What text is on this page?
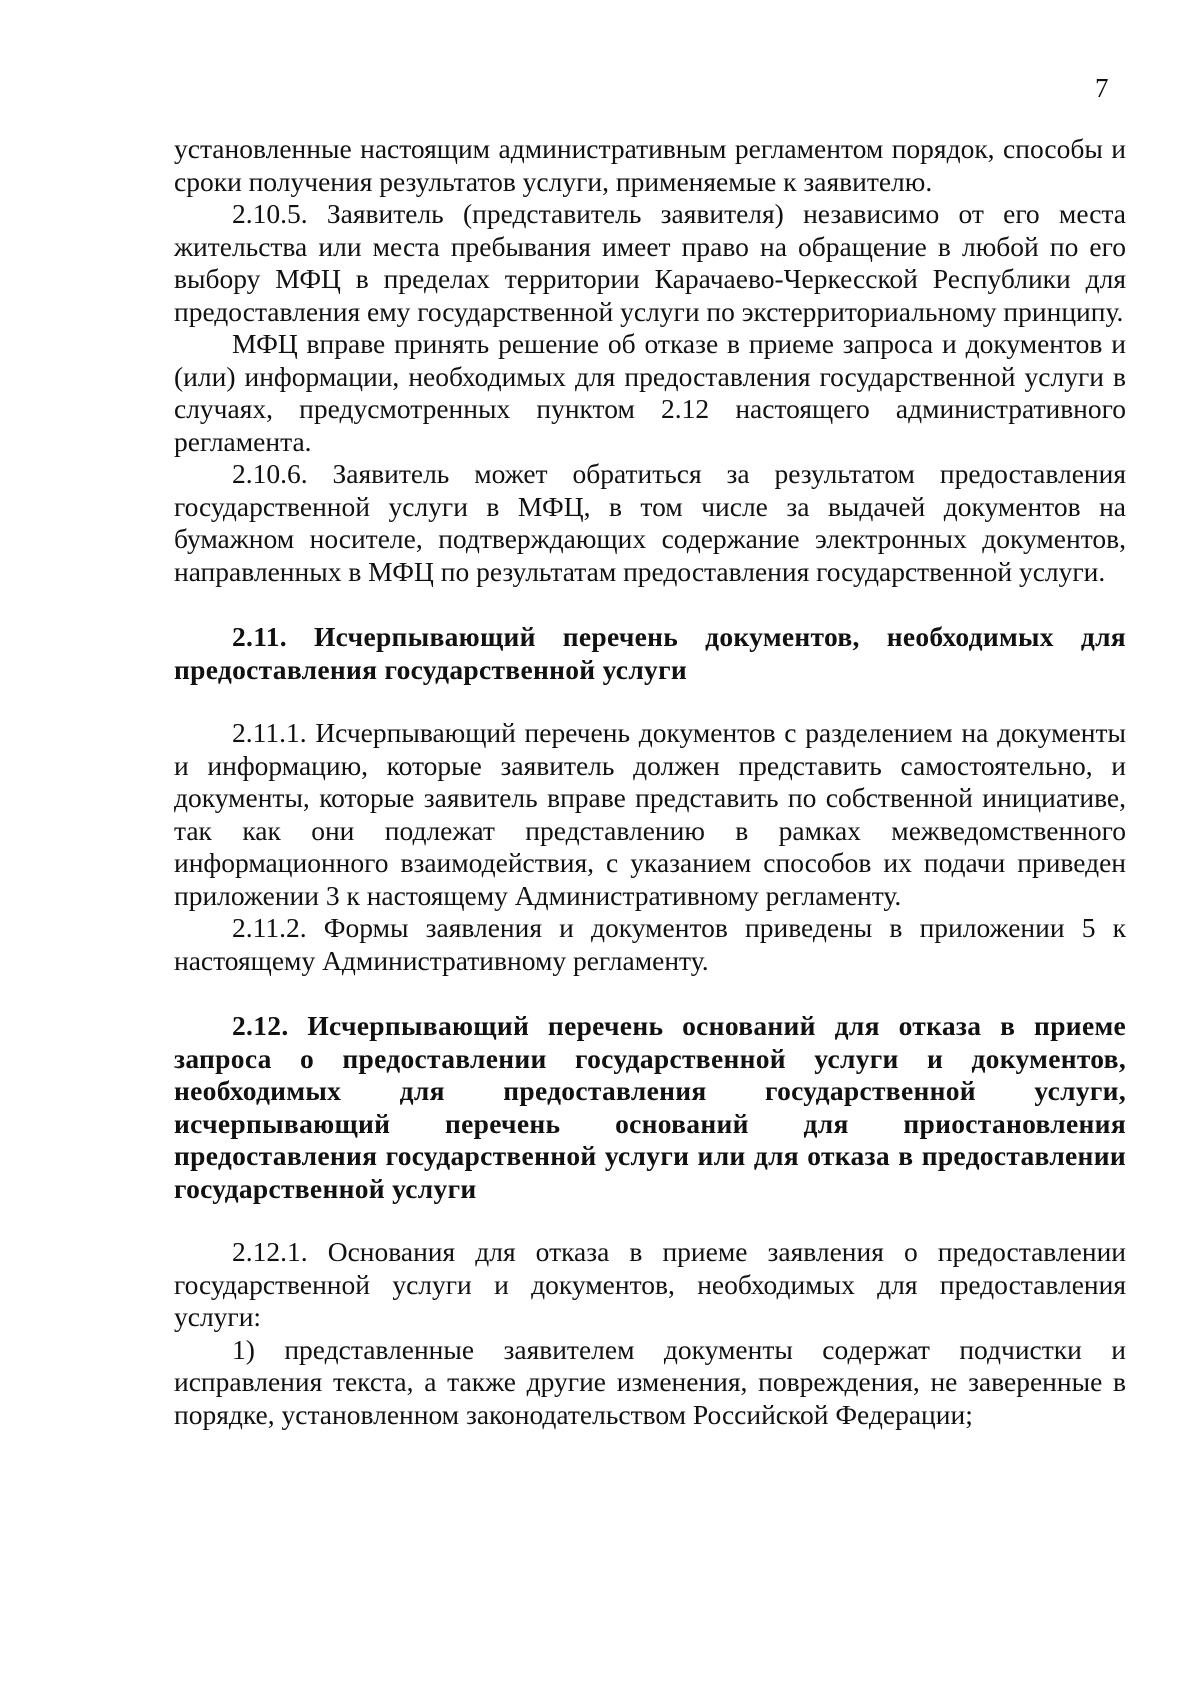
7

установленные настоящим административным регламентом порядок, способы и сроки получения результатов услуги, применяемые к заявителю.

2.10.5. Заявитель (представитель заявителя) независимо от его места жительства или места пребывания имеет право на обращение в любой по его выбору МФЦ в пределах территории Карачаево-Черкесской Республики для предоставления ему государственной услуги по экстерриториальному принципу.

МФЦ вправе принять решение об отказе в приеме запроса и документов и (или) информации, необходимых для предоставления государственной услуги в случаях, предусмотренных пунктом 2.12 настоящего административного регламента.

2.10.6. Заявитель может обратиться за результатом предоставления государственной услуги в МФЦ, в том числе за выдачей документов на бумажном носителе, подтверждающих содержание электронных документов, направленных в МФЦ по результатам предоставления государственной услуги.

2.11. Исчерпывающий перечень документов, необходимых для предоставления государственной услуги

2.11.1. Исчерпывающий перечень документов с разделением на документы и информацию, которые заявитель должен представить самостоятельно, и документы, которые заявитель вправе представить по собственной инициативе, так как они подлежат представлению в рамках межведомственного информационного взаимодействия, с указанием способов их подачи приведен приложении 3 к настоящему Административному регламенту.

2.11.2. Формы заявления и документов приведены в приложении 5 к настоящему Административному регламенту.

2.12. Исчерпывающий перечень оснований для отказа в приеме запроса о предоставлении государственной услуги и документов, необходимых для предоставления государственной услуги, исчерпывающий перечень оснований для приостановления предоставления государственной услуги или для отказа в предоставлении государственной услуги

2.12.1. Основания для отказа в приеме заявления о предоставлении государственной услуги и документов, необходимых для предоставления услуги:

1) представленные заявителем документы содержат подчистки и исправления текста, а также другие изменения, повреждения, не заверенные в порядке, установленном законодательством Российской Федерации;
